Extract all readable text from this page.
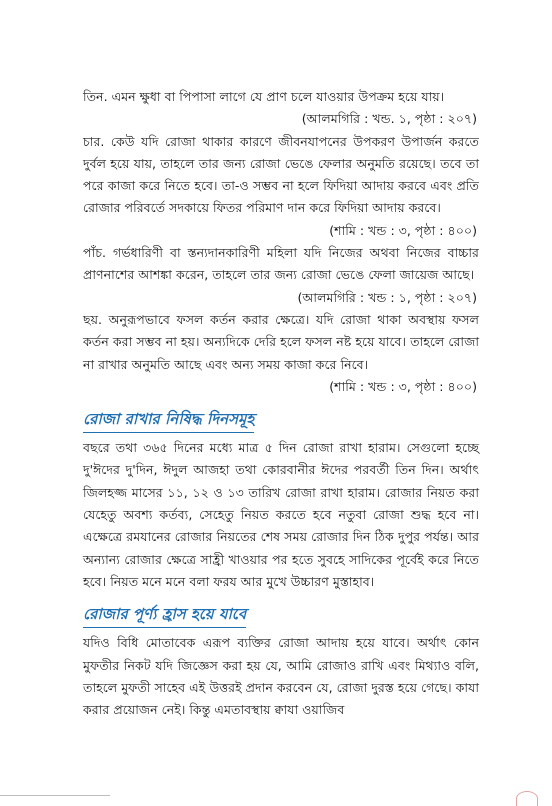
তিন. এমন ক্ষুধা বা পিপাসা লাগে যে প্রাণ চলে যাওয়ার উপক্রম হয়ে যায়।

(আলমগিরি : খন্ড. ১, পৃষ্ঠা : ২০৭)

চার. কেউ যদি রোজা থাকার কারণে জীবনযাপনের উপকরণ উপার্জন করতে দুর্বল হয়ে যায়, তাহলে তার জন্য রোজা ভেঙে ফেলার অনুমতি রয়েছে। তবে তা পরে কাজা করে নিতে হবে। তা-ও সম্ভব না হলে ফিদিয়া আদায় করবে এবং প্রতি রোজার পরিবর্তে সদকায়ে ফিতর পরিমাণ দান করে ফিদিয়া আদায় করবে।

(শামি : খন্ড : ৩, পৃষ্ঠা : ৪০০)

পাঁচ. গর্ভধারিণী বা স্তন্যদানকারিণী মহিলা যদি নিজের অথবা নিজের বাচ্চার প্রাণনাশের আশঙ্কা করেন, তাহলে তার জন্য রোজা ভেঙে ফেলা জায়েজ আছে।

(আলমগিরি : খন্ড : ১, পৃষ্ঠা : ২০৭)

ছয়. অনুরূপভাবে ফসল কর্তন করার ক্ষেত্রে। যদি রোজা থাকা অবস্থায় ফসল কর্তন করা সম্ভব না হয়। অন্যদিকে দেরি হলে ফসল নষ্ট হয়ে যাবে। তাহলে রোজা না রাখার অনুমতি আছে এবং অন্য সময় কাজা করে নিবে।

(শামি : খন্ড : ৩, পৃষ্ঠা : ৪০০)

রোজা রাখার নিষিদ্ধ দিনসমূহ

বছরে তথা ৩৬৫ দিনের মধ্যে মাত্র ৫ দিন রোজা রাখা হারাম। সেগুলো হচ্ছে দু'ঈদের দু'দিন, ঈদুল আজহা তথা কোরবানীর ঈদের পরবর্তী তিন দিন। অর্থাৎ জিলহজ্জ মাসের ১১, ১২ ও ১৩ তারিখ রোজা রাখা হারাম। রোজার নিয়ত করা যেহেতু অবশ্য কর্তব্য, সেহেতু নিয়ত করতে হবে নতুবা রোজা শুদ্ধ হবে না। এক্ষেত্রে রমযানের রোজার নিয়তের শেষ সময় রোজার দিন ঠিক দুপুর পর্যন্ত। আর অন্যান্য রোজার ক্ষেত্রে সাহ্রী খাওয়ার পর হতে সুবহে সাদিকের পূর্বেই করে নিতে হবে। নিয়ত মনে মনে বলা ফরয আর মুখে উচ্চারণ মুস্তাহাব।

রোজার পূর্ণ্য হ্রাস হয়ে যাবে

যদিও বিধি মোতাবেক এরূপ ব্যক্তির রোজা আদায় হয়ে যাবে। অর্থাৎ কোন মুফতীর নিকট যদি জিজ্ঞেস করা হয় যে, আমি রোজাও রাখি এবং মিথ্যাও বলি, তাহলে মুফতী সাহেব এই উত্তরই প্রদান করবেন যে, রোজা দুরস্ত হয়ে গেছে। কাযা করার প্রয়োজন নেই। কিন্তু এমতাবস্থায় ক্বাযা ওয়াজিব
